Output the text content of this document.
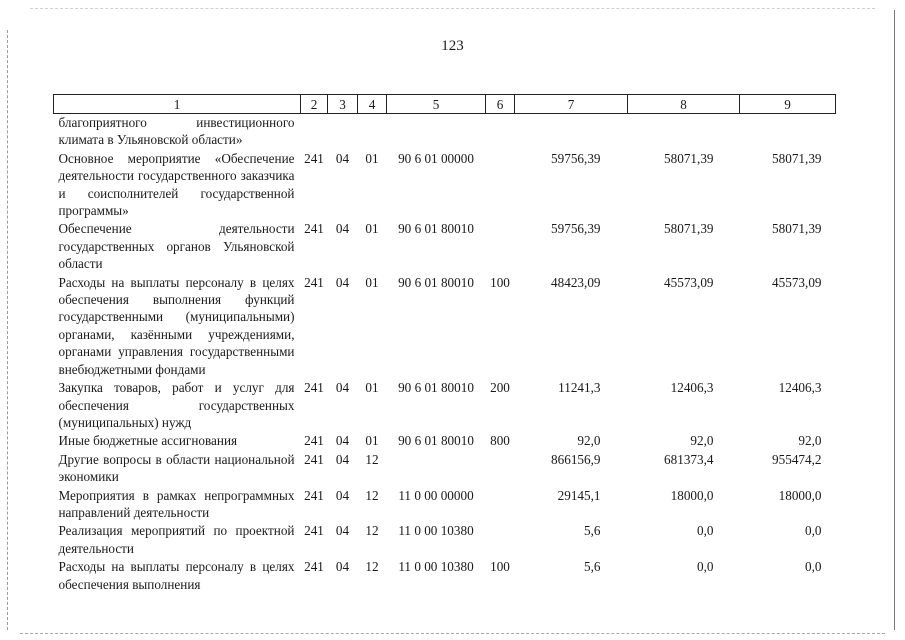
123
1	2	3	4	5	6	7	8	9
благоприятного инвестиционного климата в Ульяновской области»								
Основное мероприятие «Обеспечение деятельности государственного заказчика и соисполнителей государственной программы»	241	04	01	90 6 01 00000		59756,39	58071,39	58071,39
Обеспечение деятельности государственных органов Ульяновской области	241	04	01	90 6 01 80010		59756,39	58071,39	58071,39
Расходы на выплаты персоналу в целях обеспечения выполнения функций государственными (муниципальными) органами, казёнными учреждениями, органами управления государственными внебюджетными фондами	241	04	01	90 6 01 80010	100	48423,09	45573,09	45573,09
Закупка товаров, работ и услуг для обеспечения государственных (муниципальных) нужд	241	04	01	90 6 01 80010	200	11241,3	12406,3	12406,3
Иные бюджетные ассигнования	241	04	01	90 6 01 80010	800	92,0	92,0	92,0
Другие вопросы в области национальной экономики	241	04	12			866156,9	681373,4	955474,2
Мероприятия в рамках непрограммных направлений деятельности	241	04	12	11 0 00 00000		29145,1	18000,0	18000,0
Реализация мероприятий по проектной деятельности	241	04	12	11 0 00 10380		5,6	0,0	0,0
Расходы на выплаты персоналу в целях обеспечения выполнения	241	04	12	11 0 00 10380	100	5,6	0,0	0,0
